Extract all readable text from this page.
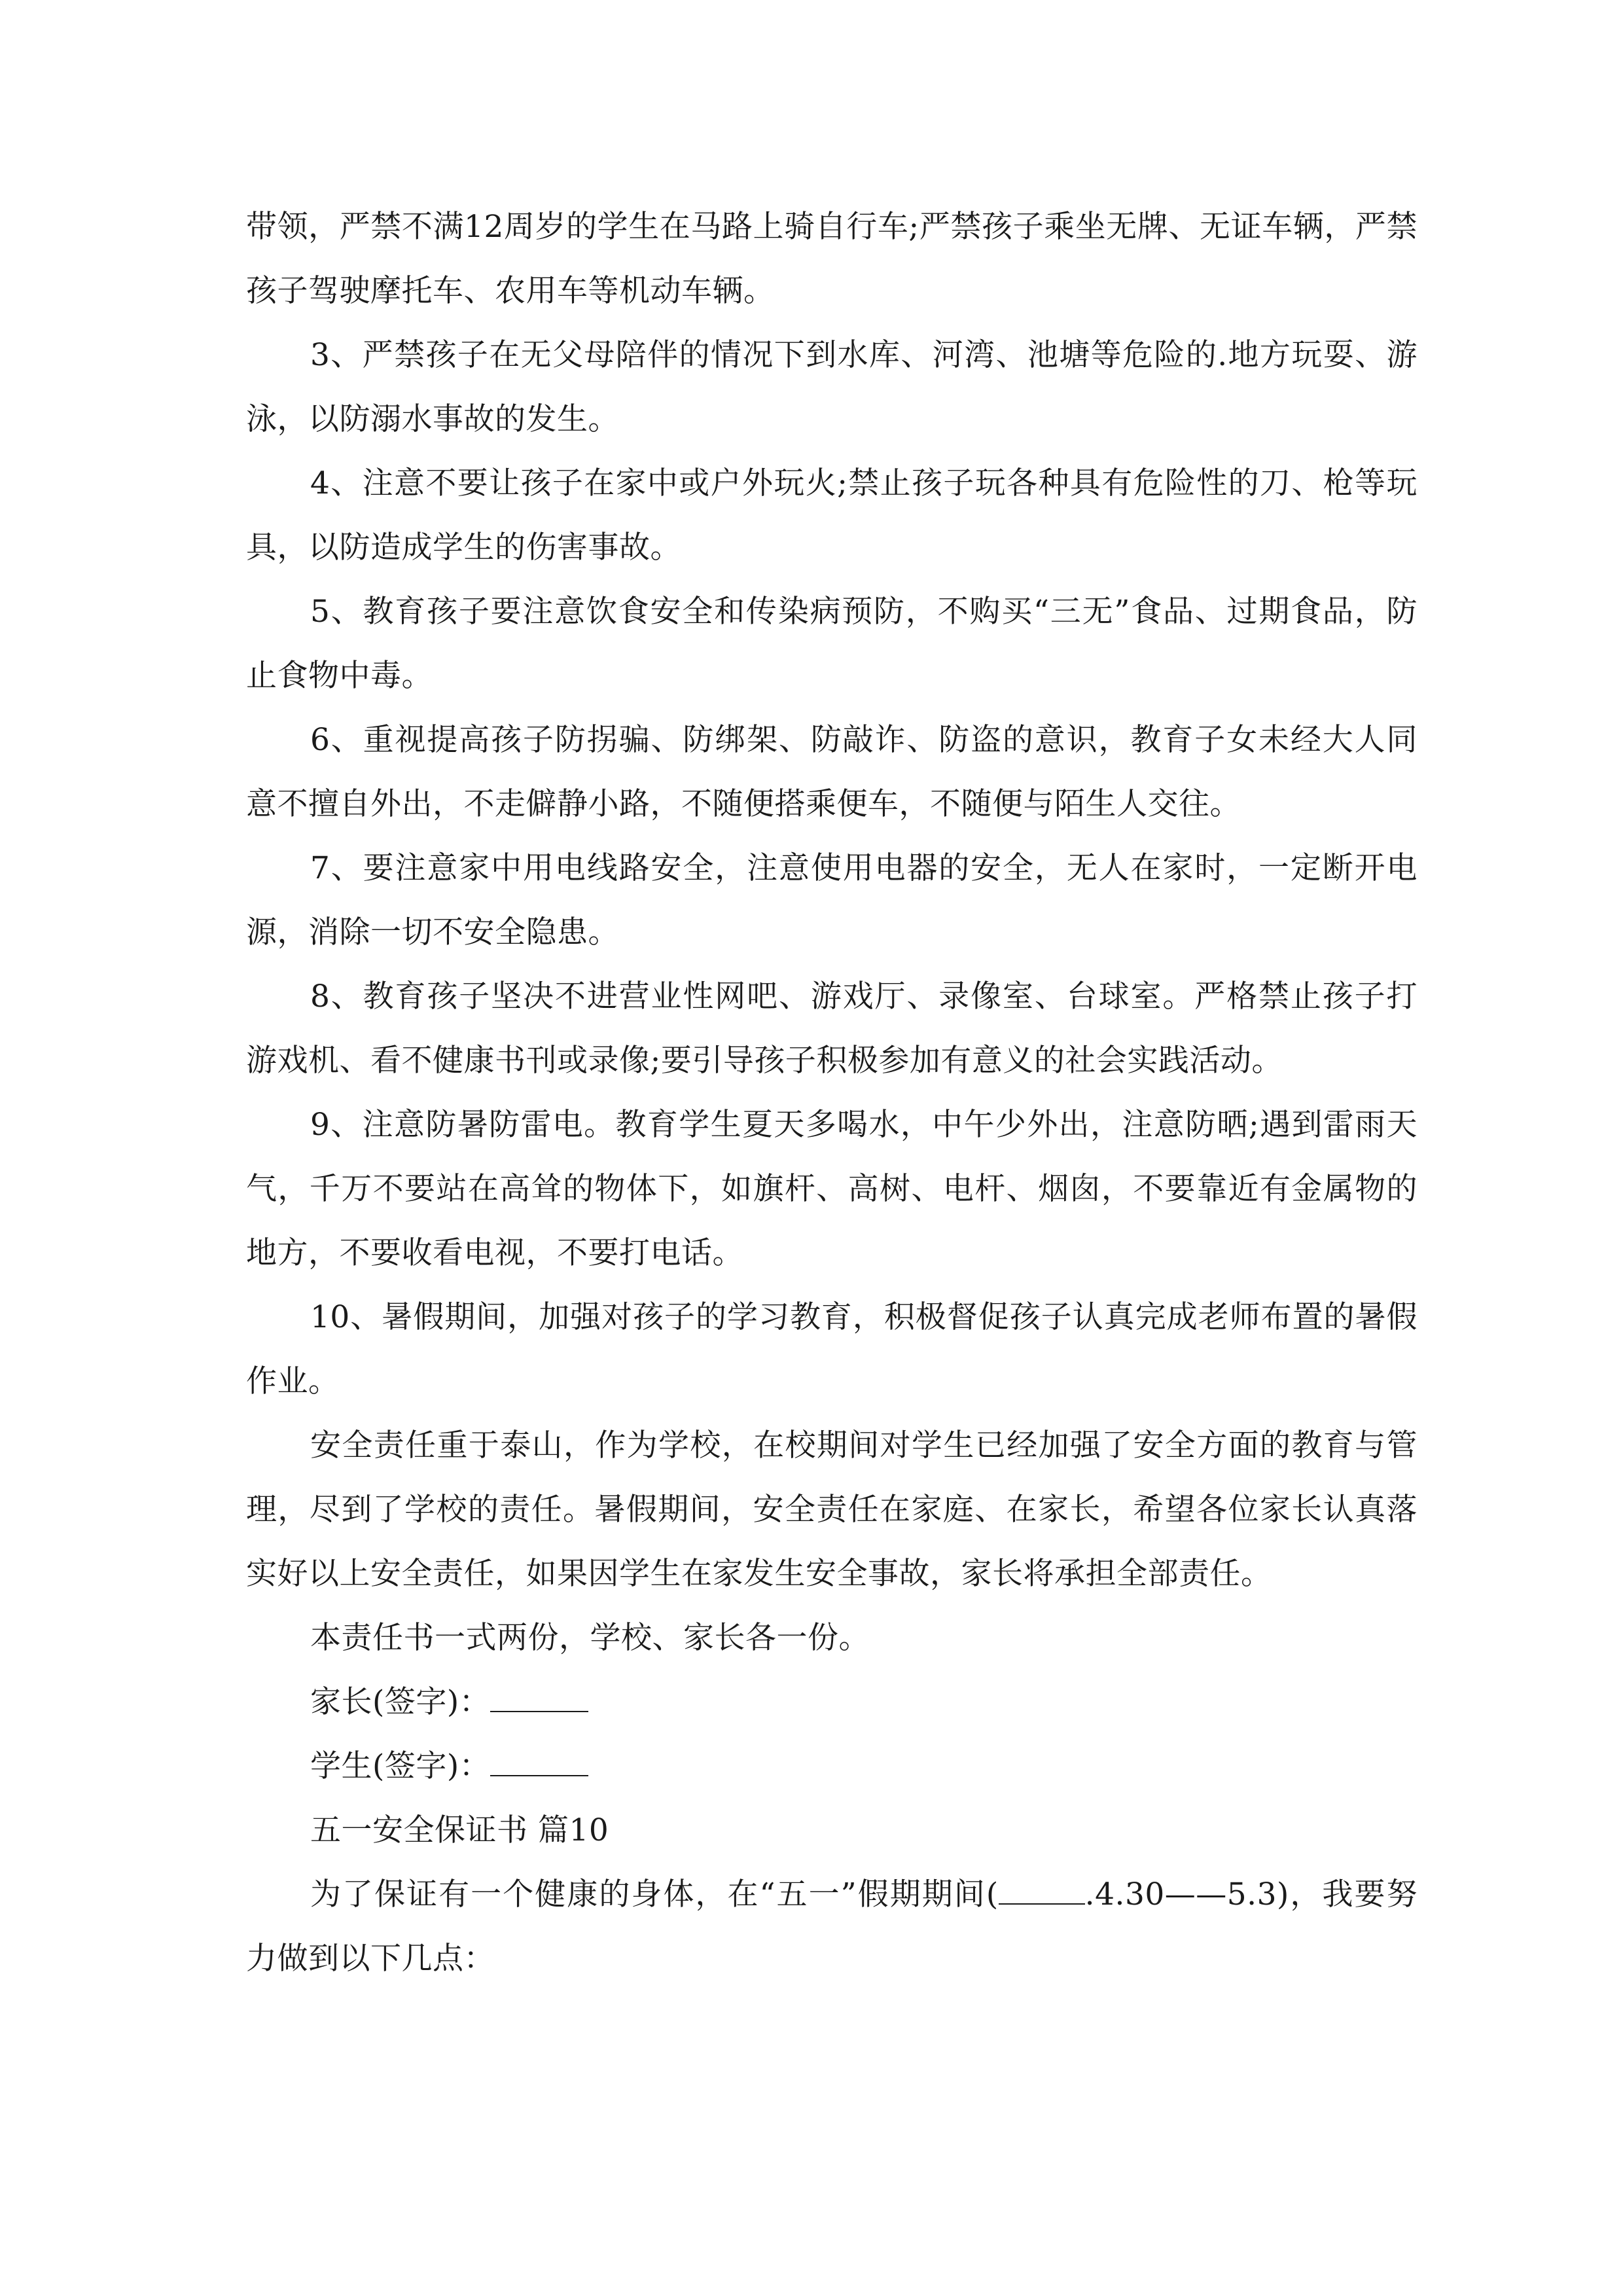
带领，严禁不满12周岁的学生在马路上骑自行车;严禁孩子乘坐无牌、无证车辆，严禁孩子驾驶摩托车、农用车等机动车辆。

3、严禁孩子在无父母陪伴的情况下到水库、河湾、池塘等危险的.地方玩耍、游泳，以防溺水事故的发生。

4、注意不要让孩子在家中或户外玩火;禁止孩子玩各种具有危险性的刀、枪等玩具，以防造成学生的伤害事故。

5、教育孩子要注意饮食安全和传染病预防，不购买“三无”食品、过期食品，防止食物中毒。

6、重视提高孩子防拐骗、防绑架、防敲诈、防盗的意识，教育子女未经大人同意不擅自外出，不走僻静小路，不随便搭乘便车，不随便与陌生人交往。

7、要注意家中用电线路安全，注意使用电器的安全，无人在家时，一定断开电源，消除一切不安全隐患。

8、教育孩子坚决不进营业性网吧、游戏厅、录像室、台球室。严格禁止孩子打游戏机、看不健康书刊或录像;要引导孩子积极参加有意义的社会实践活动。

9、注意防暑防雷电。教育学生夏天多喝水，中午少外出，注意防晒;遇到雷雨天气，千万不要站在高耸的物体下，如旗杆、高树、电杆、烟囱，不要靠近有金属物的地方，不要收看电视，不要打电话。

10、暑假期间，加强对孩子的学习教育，积极督促孩子认真完成老师布置的暑假作业。

安全责任重于泰山，作为学校，在校期间对学生已经加强了安全方面的教育与管理，尽到了学校的责任。暑假期间，安全责任在家庭、在家长，希望各位家长认真落实好以上安全责任，如果因学生在家发生安全事故，家长将承担全部责任。

本责任书一式两份，学校、家长各一份。

家长(签字)：

学生(签字)：

五一安全保证书 篇10

为了保证有一个健康的身体，在“五一”假期期间(	.4.30——5.3)，我要努力做到以下几点：
